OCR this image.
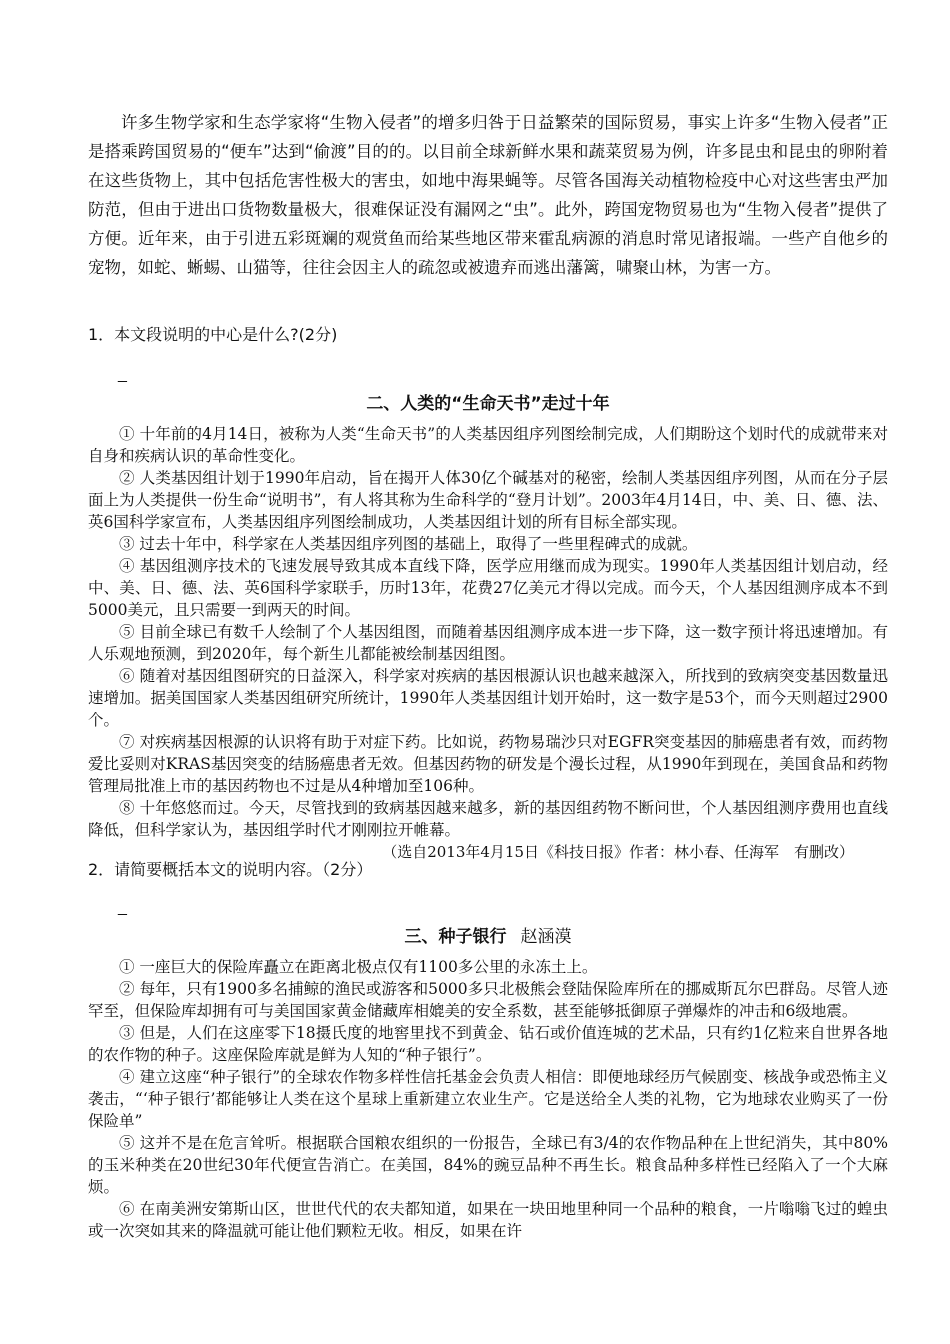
许多生物学家和生态学家将“生物入侵者”的增多归咎于日益繁荣的国际贸易，事实上许多“生物入侵者”正是搭乘跨国贸易的“便车”达到“偷渡”目的的。以目前全球新鲜水果和蔬菜贸易为例，许多昆虫和昆虫的卵附着在这些货物上，其中包括危害性极大的害虫，如地中海果蝇等。尽管各国海关动植物检疫中心对这些害虫严加防范，但由于进出口货物数量极大，很难保证没有漏网之“虫”。此外，跨国宠物贸易也为“生物入侵者”提供了方便。近年来，由于引进五彩斑斓的观赏鱼而给某些地区带来霍乱病源的消息时常见诸报端。一些产自他乡的宠物，如蛇、蜥蜴、山猫等，往往会因主人的疏忽或被遗弃而逃出藩篱，啸聚山林，为害一方。
1．本文段说明的中心是什么?(2分)
_
二、人类的“生命天书”走过十年

① 十年前的4月14日，被称为人类“生命天书”的人类基因组序列图绘制完成，人们期盼这个划时代的成就带来对自身和疾病认识的革命性变化。

② 人类基因组计划于1990年启动，旨在揭开人体30亿个碱基对的秘密，绘制人类基因组序列图，从而在分子层面上为人类提供一份生命“说明书”，有人将其称为生命科学的“登月计划”。2003年4月14日，中、美、日、德、法、英6国科学家宣布，人类基因组序列图绘制成功，人类基因组计划的所有目标全部实现。

③ 过去十年中，科学家在人类基因组序列图的基础上，取得了一些里程碑式的成就。

④ 基因组测序技术的飞速发展导致其成本直线下降，医学应用继而成为现实。1990年人类基因组计划启动，经中、美、日、德、法、英6国科学家联手，历时13年，花费27亿美元才得以完成。而今天，个人基因组测序成本不到5000美元，且只需要一到两天的时间。

⑤ 目前全球已有数千人绘制了个人基因组图，而随着基因组测序成本进一步下降，这一数字预计将迅速增加。有人乐观地预测，到2020年，每个新生儿都能被绘制基因组图。

⑥ 随着对基因组图研究的日益深入，科学家对疾病的基因根源认识也越来越深入，所找到的致病突变基因数量迅速增加。据美国国家人类基因组研究所统计，1990年人类基因组计划开始时，这一数字是53个，而今天则超过2900个。

⑦ 对疾病基因根源的认识将有助于对症下药。比如说，药物易瑞沙只对EGFR突变基因的肺癌患者有效，而药物爱比妥则对KRAS基因突变的结肠癌患者无效。但基因药物的研发是个漫长过程，从1990年到现在，美国食品和药物管理局批准上市的基因药物也不过是从4种增加至106种。

⑧ 十年悠悠而过。今天，尽管找到的致病基因越来越多，新的基因组药物不断问世，个人基因组测序费用也直线降低，但科学家认为，基因组学时代才刚刚拉开帷幕。

（选自2013年4月15日《科技日报》作者：林小春、任海军　有删改）
2．请简要概括本文的说明内容。（2分）
_
三、种子银行 赵涵漠

① 一座巨大的保险库矗立在距离北极点仅有1100多公里的永冻土上。

② 每年，只有1900多名捕鲸的渔民或游客和5000多只北极熊会登陆保险库所在的挪威斯瓦尔巴群岛。尽管人迹罕至，但保险库却拥有可与美国国家黄金储藏库相媲美的安全系数，甚至能够抵御原子弹爆炸的冲击和6级地震。

③ 但是，人们在这座零下18摄氏度的地窖里找不到黄金、钻石或价值连城的艺术品，只有约1亿粒来自世界各地的农作物的种子。这座保险库就是鲜为人知的“种子银行”。

④ 建立这座“种子银行”的全球农作物多样性信托基金会负责人相信：即便地球经历气候剧变、核战争或恐怖主义袭击，“‘种子银行’都能够让人类在这个星球上重新建立农业生产。它是送给全人类的礼物，它为地球农业购买了一份保险单”

⑤ 这并不是在危言耸听。根据联合国粮农组织的一份报告，全球已有3/4的农作物品种在上世纪消失，其中80%的玉米种类在20世纪30年代便宣告消亡。在美国，84%的豌豆品种不再生长。粮食品种多样性已经陷入了一个大麻烦。

⑥ 在南美洲安第斯山区，世世代代的农夫都知道，如果在一块田地里种同一个品种的粮食，一片嗡嗡飞过的蝗虫或一次突如其来的降温就可能让他们颗粒无收。相反，如果在许
